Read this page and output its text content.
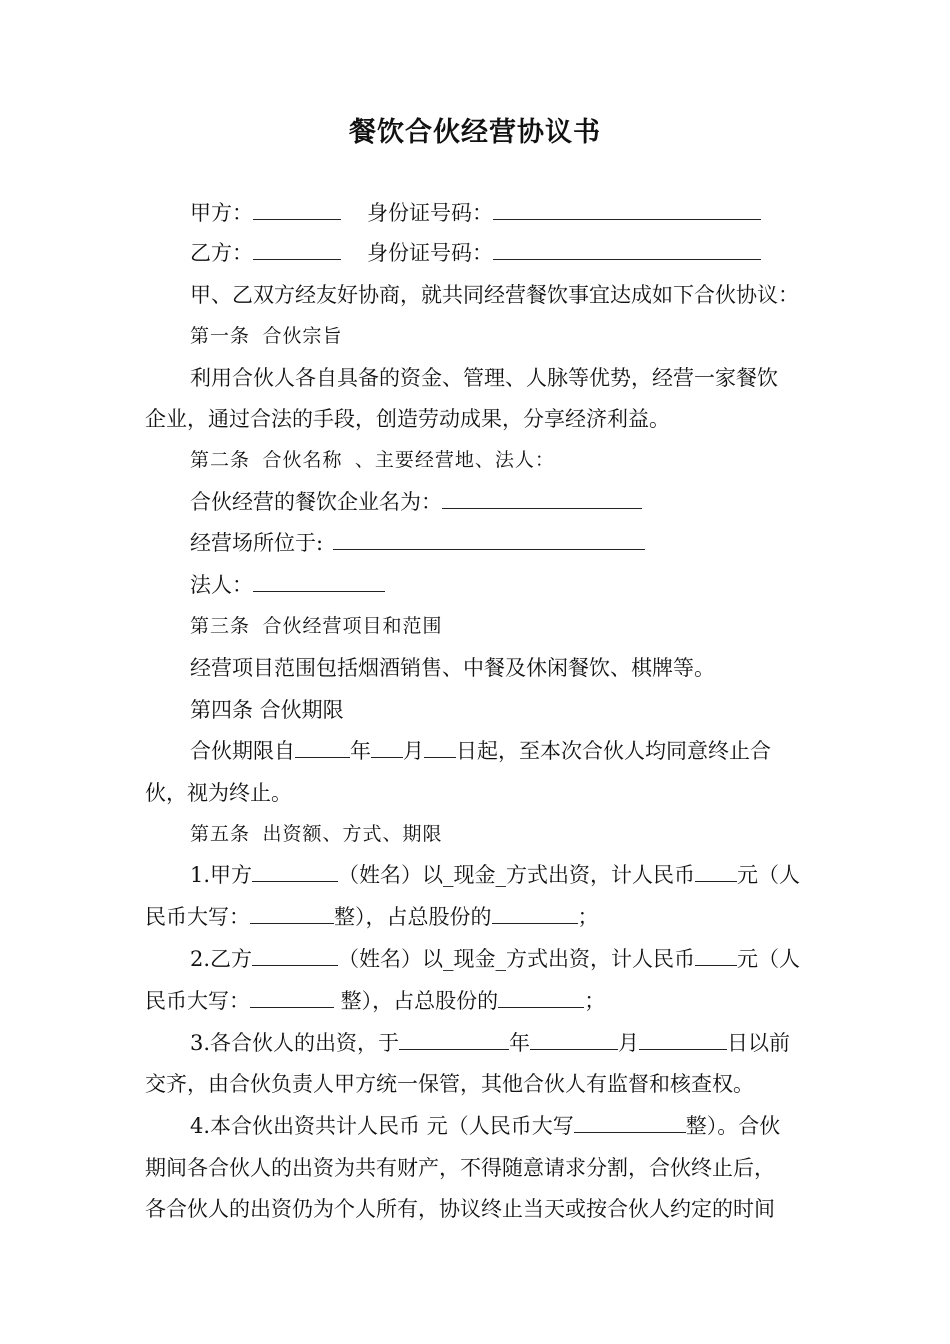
餐饮合伙经营协议书
甲方：	身份证号码：
乙方：	身份证号码：
甲、乙双方经友好协商，就共同经营餐饮事宜达成如下合伙协议：
第一条 合伙宗旨
利用合伙人各自具备的资金、管理、人脉等优势，经营一家餐饮
企业，通过合法的手段，创造劳动成果，分享经济利益。
第二条 合伙名称 、主要经营地、法人：
合伙经营的餐饮企业名为：
经营场所位于:
法人：
第三条 合伙经营项目和范围
经营项目范围包括烟酒销售、中餐及休闲餐饮、棋牌等。
第四条 合伙期限
合伙期限自	年 月 日起，至本次合伙人均同意终止合
伙，视为终止。
第五条 出资额、方式、期限
1.甲方	（姓名）以_现金_方式出资，计人民币 元（人
民币大写：	整），占总股份的	；
2.乙方	（姓名）以_现金_方式出资，计人民币 元（人
民币大写：	整），占总股份的	；
3.各合伙人的出资，于	年	月	日以前
交齐，由合伙负责人甲方统一保管，其他合伙人有监督和核查权。
4.本合伙出资共计人民币 元（人民币大写	整）。合伙
期间各合伙人的出资为共有财产，不得随意请求分割，合伙终止后，
各合伙人的出资仍为个人所有，协议终止当天或按合伙人约定的时间
